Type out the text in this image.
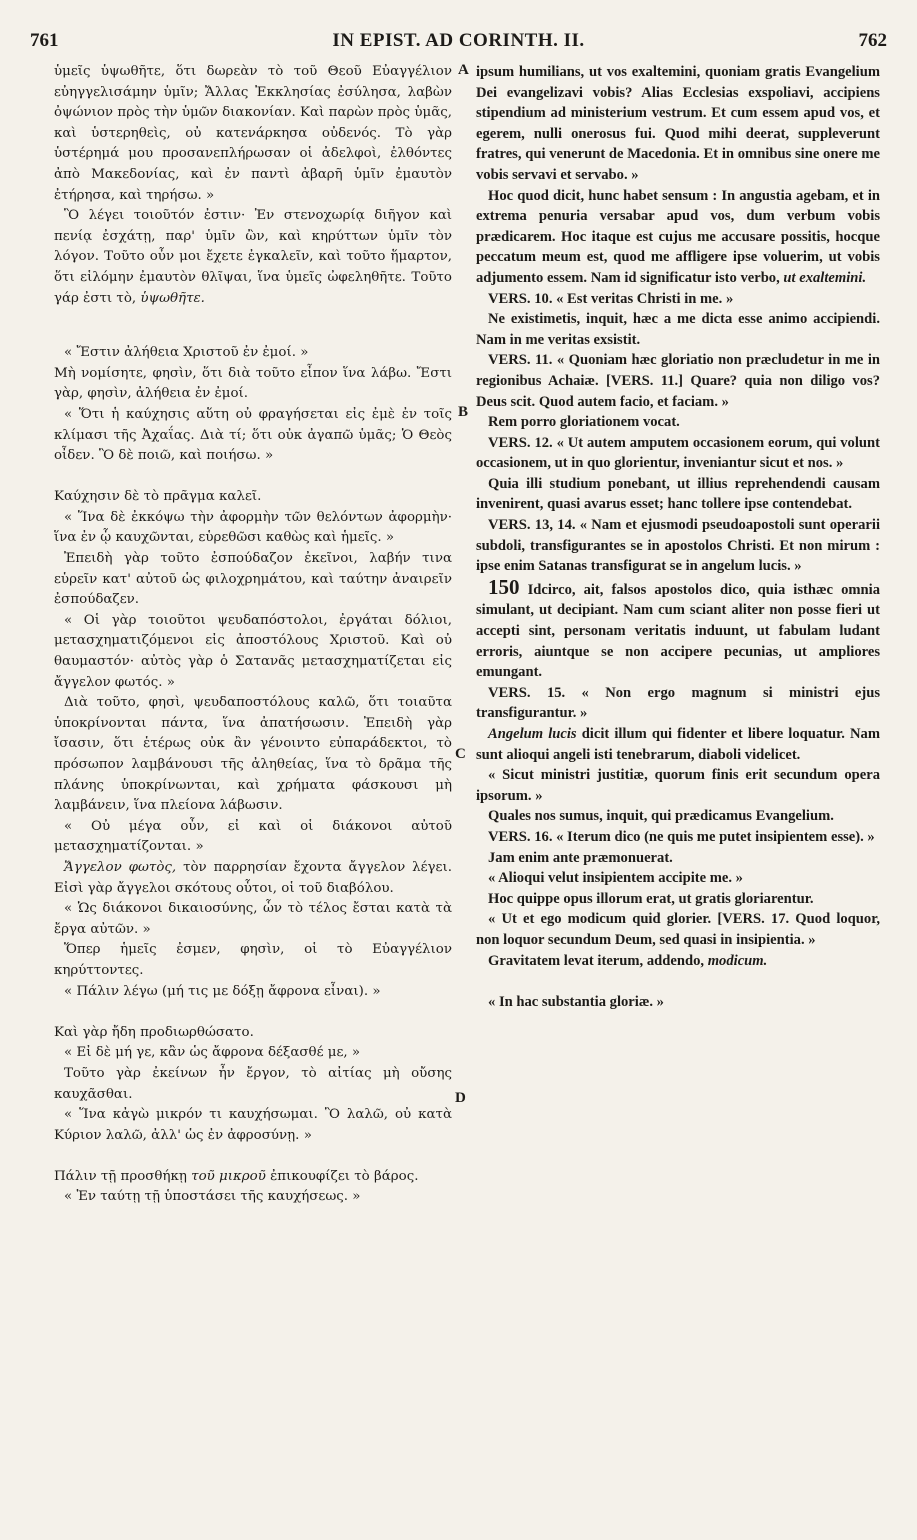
761	IN EPIST. AD CORINTH. II.	762
A
B
C
D

ὑμεῖς ὑψωθῆτε, ὅτι δωρεὰν τὸ τοῦ Θεοῦ Εὐαγγέλιον εὐηγγελισάμην ὑμῖν; Ἄλλας Ἐκκλησίας ἐσύλησα, λαβὼν ὀψώνιον πρὸς τὴν ὑμῶν διακονίαν. Καὶ παρὼν πρὸς ὑμᾶς, καὶ ὑστερηθεὶς, οὐ κατενάρκησα οὐδενός. Τὸ γὰρ ὑστέρημά μου προσανεπλήρωσαν οἱ ἀδελφοὶ, ἐλθόντες ἀπὸ Μακεδονίας, καὶ ἐν παντὶ ἀβαρῆ ὑμῖν ἐμαυτὸν ἐτήρησα, καὶ τηρήσω. »

Ὃ λέγει τοιοῦτόν ἐστιν· Ἐν στενοχωρίᾳ διῆγον καὶ πενίᾳ ἐσχάτῃ, παρ' ὑμῖν ὢν, καὶ κηρύττων ὑμῖν τὸν λόγον. Τοῦτο οὖν μοι ἔχετε ἐγκαλεῖν, καὶ τοῦτο ἥμαρτον, ὅτι εἱλόμην ἐμαυτὸν θλῖψαι, ἵνα ὑμεῖς ὠφεληθῆτε. Τοῦτο γάρ ἐστι τὸ, ὑψωθῆτε.

« Ἔστιν ἀλήθεια Χριστοῦ ἐν ἐμοί. »

Μὴ νομίσητε, φησὶν, ὅτι διὰ τοῦτο εἶπον ἵνα λάβω. Ἔστι γὰρ, φησὶν, ἀλήθεια ἐν ἐμοί.

« Ὅτι ἡ καύχησις αὕτη οὐ φραγήσεται εἰς ἐμὲ ἐν τοῖς κλίμασι τῆς Ἀχαΐας. Διὰ τί; ὅτι οὐκ ἀγαπῶ ὑμᾶς; Ὁ Θεὸς οἶδεν. Ὃ δὲ ποιῶ, καὶ ποιήσω. »

Καύχησιν δὲ τὸ πρᾶγμα καλεῖ.

« Ἵνα δὲ ἐκκόψω τὴν ἀφορμὴν τῶν θελόντων ἀφορμὴν· ἵνα ἐν ᾧ καυχῶνται, εὑρεθῶσι καθὼς καὶ ἡμεῖς. »

Ἐπειδὴ γὰρ τοῦτο ἐσπούδαζον ἐκεῖνοι, λαβήν τινα εὑρεῖν κατ' αὐτοῦ ὡς φιλοχρημάτου, καὶ ταύτην ἀναιρεῖν ἐσπούδαζεν.

« Οἱ γὰρ τοιοῦτοι ψευδαπόστολοι, ἐργάται δόλιοι, μετασχηματιζόμενοι εἰς ἀποστόλους Χριστοῦ. Καὶ οὐ θαυμαστόν· αὐτὸς γὰρ ὁ Σατανᾶς μετασχηματίζεται εἰς ἄγγελον φωτός. »

Διὰ τοῦτο, φησὶ, ψευδαποστόλους καλῶ, ὅτι τοιαῦτα ὑποκρίνονται πάντα, ἵνα ἀπατήσωσιν. Ἐπειδὴ γὰρ ἴσασιν, ὅτι ἑτέρως οὐκ ἂν γένοιντο εὐπαράδεκτοι, τὸ πρόσωπον λαμβάνουσι τῆς ἀληθείας, ἵνα τὸ δρᾶμα τῆς πλάνης ὑποκρίνωνται, καὶ χρήματα φάσκουσι μὴ λαμβάνειν, ἵνα πλείονα λάβωσιν.

« Οὐ μέγα οὖν, εἰ καὶ οἱ διάκονοι αὐτοῦ μετασχηματίζονται. »

Ἄγγελον φωτὸς, τὸν παρρησίαν ἔχοντα ἄγγελον λέγει. Εἰσὶ γὰρ ἄγγελοι σκότους οὗτοι, οἱ τοῦ διαβόλου.

« Ὡς διάκονοι δικαιοσύνης, ὧν τὸ τέλος ἔσται κατὰ τὰ ἔργα αὐτῶν. »

Ὅπερ ἡμεῖς ἐσμεν, φησὶν, οἱ τὸ Εὐαγγέλιον κηρύττοντες.

« Πάλιν λέγω (μή τις με δόξῃ ἄφρονα εἶναι). »

Καὶ γὰρ ἤδη προδιωρθώσατο.

« Εἰ δὲ μή γε, κἂν ὡς ἄφρονα δέξασθέ με, »

Τοῦτο γὰρ ἐκείνων ἦν ἔργον, τὸ αἰτίας μὴ οὔσης καυχᾶσθαι.

« Ἵνα κἀγὼ μικρόν τι καυχήσωμαι. Ὃ λαλῶ, οὐ κατὰ Κύριον λαλῶ, ἀλλ' ὡς ἐν ἀφροσύνῃ. »

Πάλιν τῇ προσθήκῃ τοῦ μικροῦ ἐπικουφίζει τὸ βάρος.

« Ἐν ταύτῃ τῇ ὑποστάσει τῆς καυχήσεως. »

ipsum humilians, ut vos exaltemini, quoniam gratis Evangelium Dei evangelizavi vobis? Alias Ecclesias exspoliavi, accipiens stipendium ad ministerium vestrum. Et cum essem apud vos, et egerem, nulli onerosus fui. Quod mihi deerat, suppleverunt fratres, qui venerunt de Macedonia. Et in omnibus sine onere me vobis servavi et servabo. »

Hoc quod dicit, hunc habet sensum : In angustia agebam, et in extrema penuria versabar apud vos, dum verbum vobis prædicarem. Hoc itaque est cujus me accusare possitis, hocque peccatum meum est, quod me affligere ipse voluerim, ut vobis adjumento essem. Nam id significatur isto verbo, ut exaltemini.

VERS. 10. « Est veritas Christi in me. »

Ne existimetis, inquit, hæc a me dicta esse animo accipiendi. Nam in me veritas exsistit.

VERS. 11. « Quoniam hæc gloriatio non præcludetur in me in regionibus Achaiæ. [VERS. 11.] Quare? quia non diligo vos? Deus scit. Quod autem facio, et faciam. »

Rem porro gloriationem vocat.

VERS. 12. « Ut autem amputem occasionem eorum, qui volunt occasionem, ut in quo glorientur, inveniantur sicut et nos. »

Quia illi studium ponebant, ut illius reprehendendi causam invenirent, quasi avarus esset; hanc tollere ipse contendebat.

VERS. 13, 14. « Nam et ejusmodi pseudoapostoli sunt operarii subdoli, transfigurantes se in apostolos Christi. Et non mirum : ipse enim Satanas transfigurat se in angelum lucis. »

150 Idcirco, ait, falsos apostolos dico, quia isthæc omnia simulant, ut decipiant. Nam cum sciant aliter non posse fieri ut accepti sint, personam veritatis induunt, ut fabulam ludant erroris, aiuntque se non accipere pecunias, ut ampliores emungant.

VERS. 15. « Non ergo magnum si ministri ejus transfigurantur. »

Angelum lucis dicit illum qui fidenter et libere loquatur. Nam sunt alioqui angeli isti tenebrarum, diaboli videlicet.

« Sicut ministri justitiæ, quorum finis erit secundum opera ipsorum. »

Quales nos sumus, inquit, qui prædicamus Evangelium.

VERS. 16. « Iterum dico (ne quis me putet insipientem esse). »

Jam enim ante præmonuerat.

« Alioqui velut insipientem accipite me. »

Hoc quippe opus illorum erat, ut gratis gloriarentur.

« Ut et ego modicum quid glorier. [VERS. 17. Quod loquor, non loquor secundum Deum, sed quasi in insipientia. »

Gravitatem levat iterum, addendo, modicum.

« In hac substantia gloriæ. »
